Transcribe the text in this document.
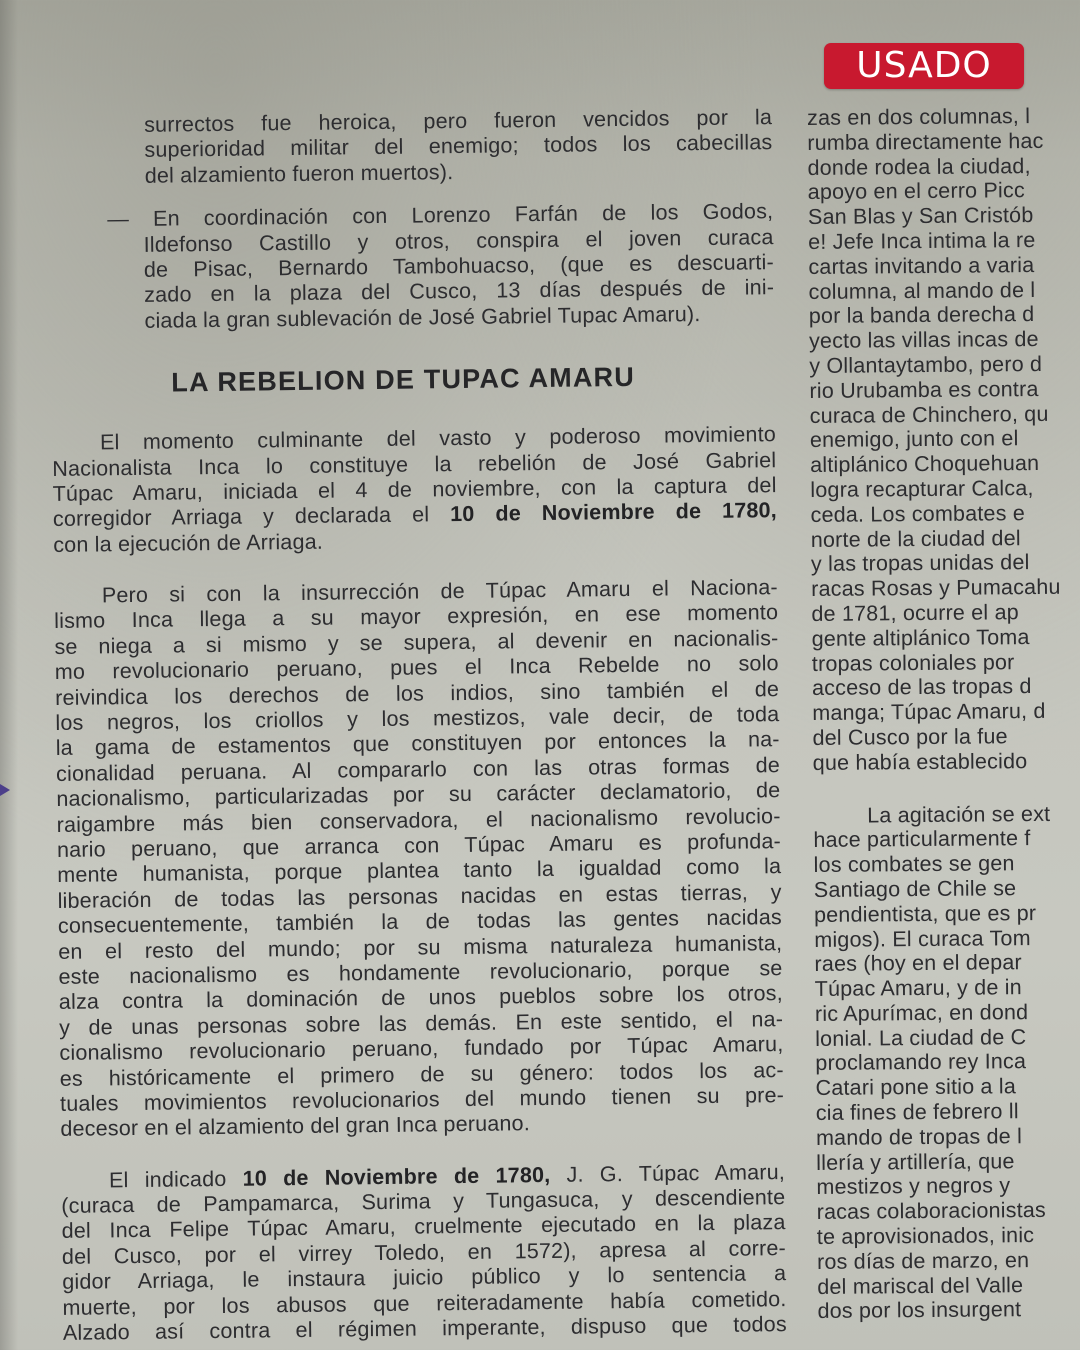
USADO
surrectos fue heroica, pero fueron vencidos por la
superioridad militar del enemigo; todos los cabecillas
del alzamiento fueron muertos).
— En coordinación con Lorenzo Farfán de los Godos,
Ildefonso Castillo y otros, conspira el joven curaca
de Pisac, Bernardo Tambohuacso, (que es descuarti-
zado en la plaza del Cusco, 13 días después de ini-
ciada la gran sublevación de José Gabriel Tupac Amaru).
LA REBELION DE TUPAC AMARU
El momento culminante del vasto y poderoso movimiento
Nacionalista Inca lo constituye la rebelión de José Gabriel
Túpac Amaru, iniciada el 4 de noviembre, con la captura del
corregidor Arriaga y declarada el 10 de Noviembre de 1780,
con la ejecución de Arriaga.
Pero si con la insurrección de Túpac Amaru el Naciona-
lismo Inca llega a su mayor expresión, en ese momento
se niega a si mismo y se supera, al devenir en nacionalis-
mo revolucionario peruano, pues el Inca Rebelde no solo
reivindica los derechos de los indios, sino también el de
los negros, los criollos y los mestizos, vale decir, de toda
la gama de estamentos que constituyen por entonces la na-
cionalidad peruana. Al compararlo con las otras formas de
nacionalismo, particularizadas por su carácter declamatorio, de
raigambre más bien conservadora, el nacionalismo revolucio-
nario peruano, que arranca con Túpac Amaru es profunda-
mente humanista, porque plantea tanto la igualdad como la
liberación de todas las personas nacidas en estas tierras, y
consecuentemente, también la de todas las gentes nacidas
en el resto del mundo; por su misma naturaleza humanista,
este nacionalismo es hondamente revolucionario, porque se
alza contra la dominación de unos pueblos sobre los otros,
y de unas personas sobre las demás. En este sentido, el na-
cionalismo revolucionario peruano, fundado por Túpac Amaru,
es históricamente el primero de su género: todos los ac-
tuales movimientos revolucionarios del mundo tienen su pre-
decesor en el alzamiento del gran Inca peruano.
El indicado 10 de Noviembre de 1780, J. G. Túpac Amaru,
(curaca de Pampamarca, Surima y Tungasuca, y descendiente
del Inca Felipe Túpac Amaru, cruelmente ejecutado en la plaza
del Cusco, por el virrey Toledo, en 1572), apresa al corre-
gidor Arriaga, le instaura juicio público y lo sentencia a
muerte, por los abusos que reiteradamente había cometido.
Alzado así contra el régimen imperante, dispuso que todos
zas en dos columnas, l
rumba directamente hac
donde rodea la ciudad,
apoyo en el cerro Picc
San Blas y San Cristób
e! Jefe Inca intima la re
cartas invitando a varia
columna, al mando de l
por la banda derecha d
yecto las villas incas de
y Ollantaytambo, pero d
rio Urubamba es contra
curaca de Chinchero, qu
enemigo, junto con el
altiplánico Choquehuan
logra recapturar Calca,
ceda. Los combates e
norte de la ciudad del
y las tropas unidas del
racas Rosas y Pumacahu
de 1781, ocurre el ap
gente altiplánico Toma
tropas coloniales por
acceso de las tropas d
manga; Túpac Amaru, d
del Cusco por la fue
que había establecido
La agitación se ext
hace particularmente f
los combates se gen
Santiago de Chile se
pendientista, que es pr
migos). El curaca Tom
raes (hoy en el depar
Túpac Amaru, y de in
ric Apurímac, en dond
lonial. La ciudad de C
proclamando rey Inca
Catari pone sitio a la
cia fines de febrero ll
mando de tropas de l
llería y artillería, que
mestizos y negros y
racas colaboracionistas
te aprovisionados, inic
ros días de marzo, en
del mariscal del Valle
dos por los insurgent
